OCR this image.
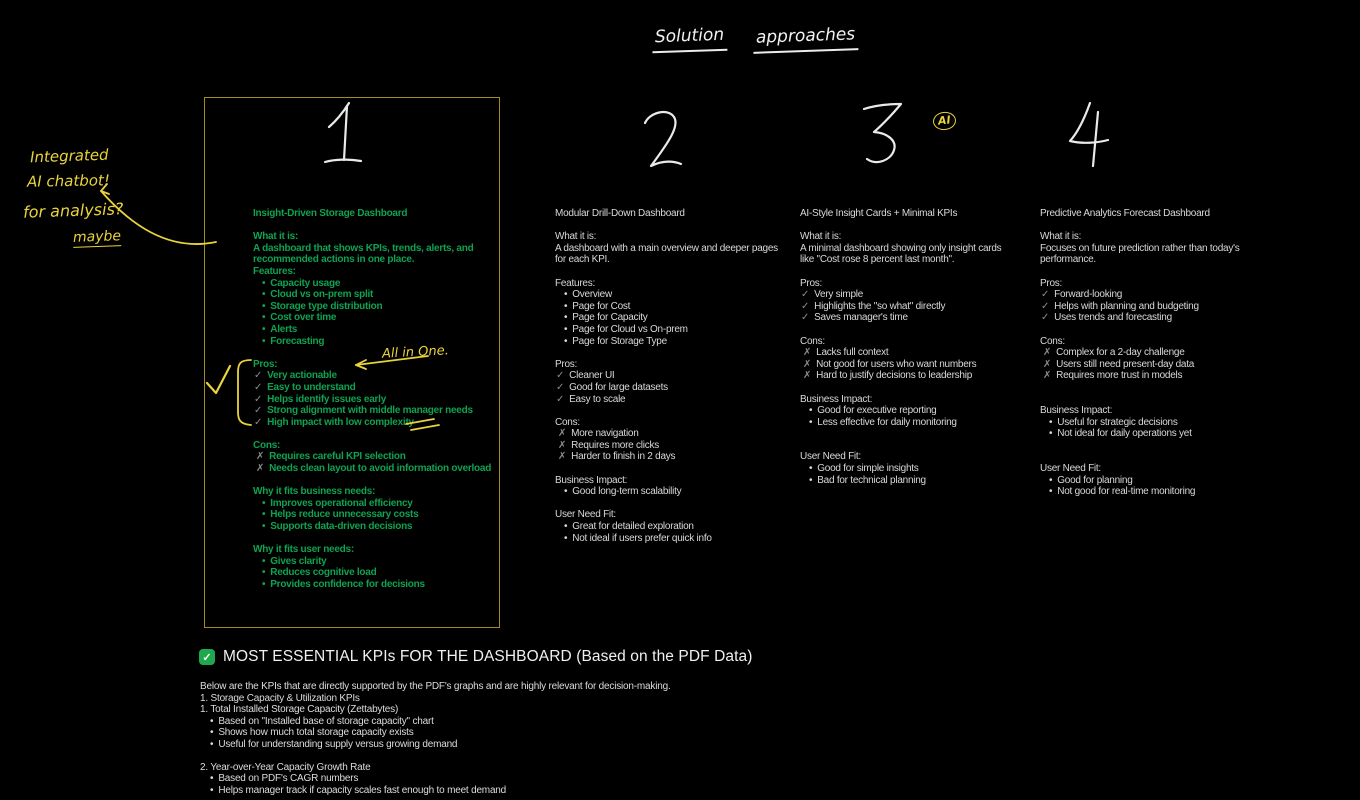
Solution approaches
Integrated
AI chatbot!
for analysis?
maybe
AI
Insight-Driven Storage Dashboard
What it is:
A dashboard that shows KPIs, trends, alerts, and recommended actions in one place.
Features:
• Capacity usage
• Cloud vs on-prem split
• Storage type distribution
• Cost over time
• Alerts
• Forecasting
Pros:
✓ Very actionable
✓ Easy to understand
✓ Helps identify issues early
✓ Strong alignment with middle manager needs
✓ High impact with low complexity
Cons:
✗ Requires careful KPI selection
✗ Needs clean layout to avoid information overload
Why it fits business needs:
• Improves operational efficiency
• Helps reduce unnecessary costs
• Supports data-driven decisions
Why it fits user needs:
• Gives clarity
• Reduces cognitive load
• Provides confidence for decisions
Modular Drill-Down Dashboard
What it is:
A dashboard with a main overview and deeper pages for each KPI.
Features:
• Overview
• Page for Cost
• Page for Capacity
• Page for Cloud vs On-prem
• Page for Storage Type
Pros:
✓ Cleaner UI
✓ Good for large datasets
✓ Easy to scale
Cons:
✗ More navigation
✗ Requires more clicks
✗ Harder to finish in 2 days
Business Impact:
• Good long-term scalability
User Need Fit:
• Great for detailed exploration
• Not ideal if users prefer quick info
AI-Style Insight Cards + Minimal KPIs
What it is:
A minimal dashboard showing only insight cards like "Cost rose 8 percent last month".
Pros:
✓ Very simple
✓ Highlights the "so what" directly
✓ Saves manager's time
Cons:
✗ Lacks full context
✗ Not good for users who want numbers
✗ Hard to justify decisions to leadership
Business Impact:
• Good for executive reporting
• Less effective for daily monitoring
User Need Fit:
• Good for simple insights
• Bad for technical planning
Predictive Analytics Forecast Dashboard
What it is:
Focuses on future prediction rather than today's performance.
Pros:
✓ Forward-looking
✓ Helps with planning and budgeting
✓ Uses trends and forecasting
Cons:
✗ Complex for a 2-day challenge
✗ Users still need present-day data
✗ Requires more trust in models
Business Impact:
• Useful for strategic decisions
• Not ideal for daily operations yet
User Need Fit:
• Good for planning
• Not good for real-time monitoring
All in One.
✓ MOST ESSENTIAL KPIs FOR THE DASHBOARD (Based on the PDF Data)
Below are the KPIs that are directly supported by the PDF's graphs and are highly relevant for decision-making.
1. Storage Capacity & Utilization KPIs
1. Total Installed Storage Capacity (Zettabytes)
• Based on "Installed base of storage capacity" chart
• Shows how much total storage capacity exists
• Useful for understanding supply versus growing demand
2. Year-over-Year Capacity Growth Rate
• Based on PDF's CAGR numbers
• Helps manager track if capacity scales fast enough to meet demand
